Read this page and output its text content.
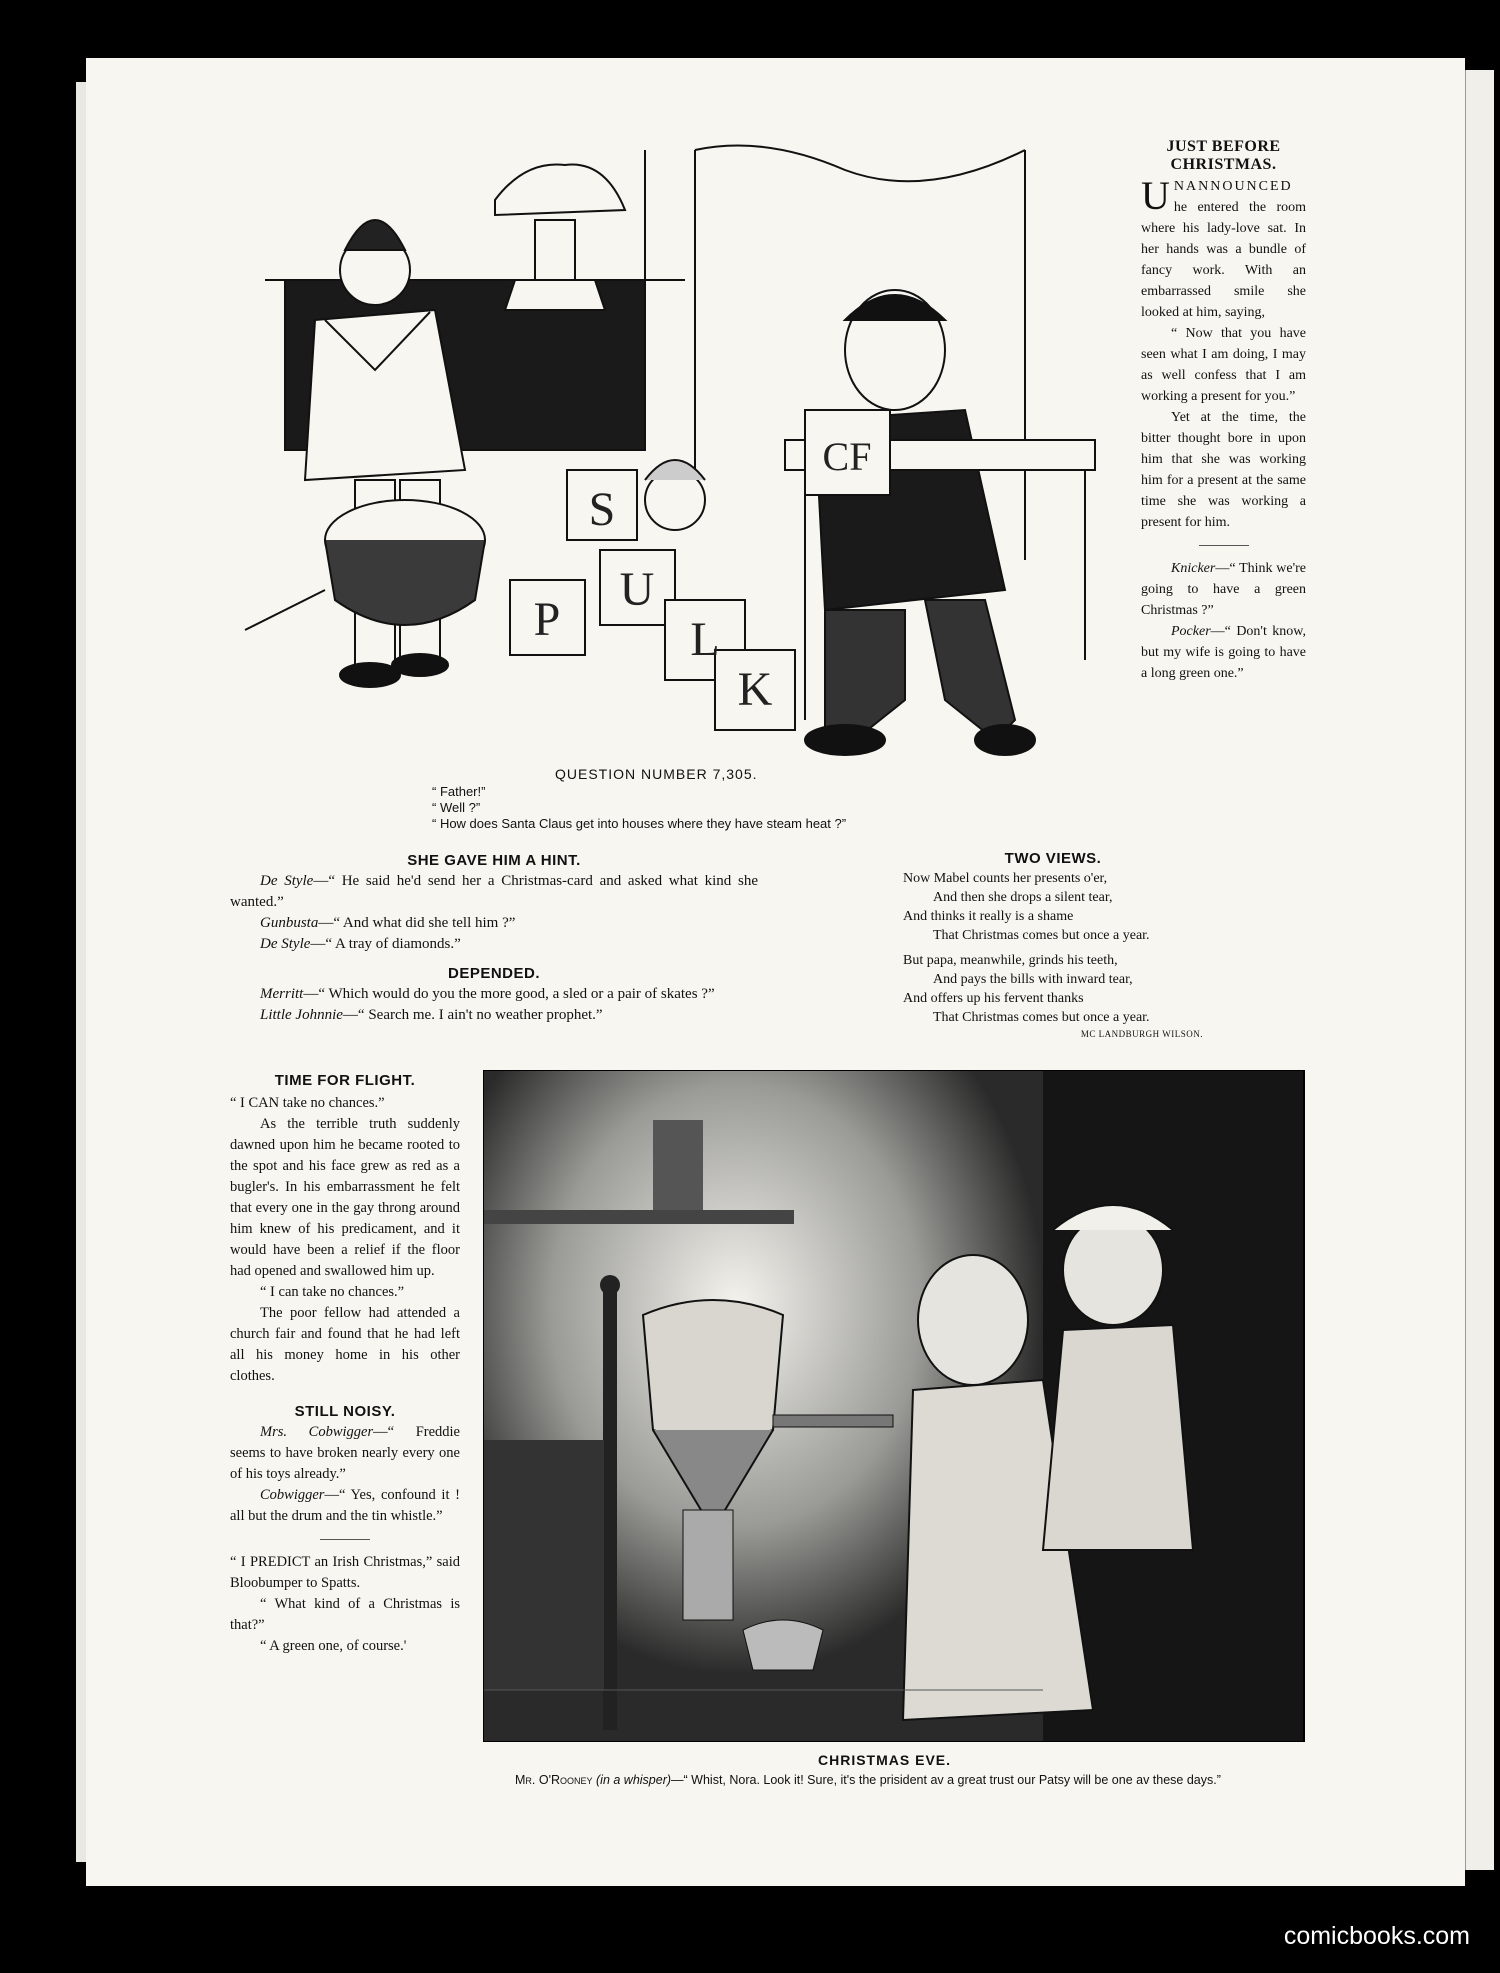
S
CF
P
U
L
K
QUESTION NUMBER 7,305.
“ Father!”
“ Well ?”
“ How does Santa Claus get into houses where they have steam heat ?”
JUST BEFORE
CHRISTMAS.

UNANNOUNCED he entered the room where his lady-love sat. In her hands was a bundle of fancy work. With an embarrassed smile she looked at him, saying,

“ Now that you have seen what I am doing, I may as well confess that I am working a present for you.”

Yet at the time, the bitter thought bore in upon him that she was working him for a present at the same time she was working a present for him.

Knicker—“ Think we're going to have a green Christmas ?”

Pocker—“ Don't know, but my wife is going to have a long green one.”

SHE GAVE HIM A HINT.

De Style—“ He said he'd send her a Christmas-card and asked what kind she wanted.”

Gunbusta—“ And what did she tell him ?”

De Style—“ A tray of diamonds.”

DEPENDED.

Merritt—“ Which would do you the more good, a sled or a pair of skates ?”

Little Johnnie—“ Search me. I ain't no weather prophet.”

TWO VIEWS.
Now Mabel counts her presents o'er,
And then she drops a silent tear,
And thinks it really is a shame
That Christmas comes but once a year.
But papa, meanwhile, grinds his teeth,
And pays the bills with inward tear,
And offers up his fervent thanks
That Christmas comes but once a year.
MC LANDBURGH WILSON.
TIME FOR FLIGHT.

“ I CAN take no chances.”

As the terrible truth suddenly dawned upon him he became rooted to the spot and his face grew as red as a bugler's. In his embarrassment he felt that every one in the gay throng around him knew of his predicament, and it would have been a relief if the floor had opened and swallowed him up.

“ I can take no chances.”

The poor fellow had attended a church fair and found that he had left all his money home in his other clothes.

STILL NOISY.

Mrs. Cobwigger—“ Freddie seems to have broken nearly every one of his toys already.”

Cobwigger—“ Yes, confound it ! all but the drum and the tin whistle.”

“ I PREDICT an Irish Christmas,” said Bloobumper to Spatts.

“ What kind of a Christmas is that?”

“ A green one, of course.'

CHRISTMAS EVE.
Mr. O'Rooney (in a whisper)—“ Whist, Nora. Look it! Sure, it's the prisident av a great trust our Patsy will be one av these days.”
comicbooks.com
